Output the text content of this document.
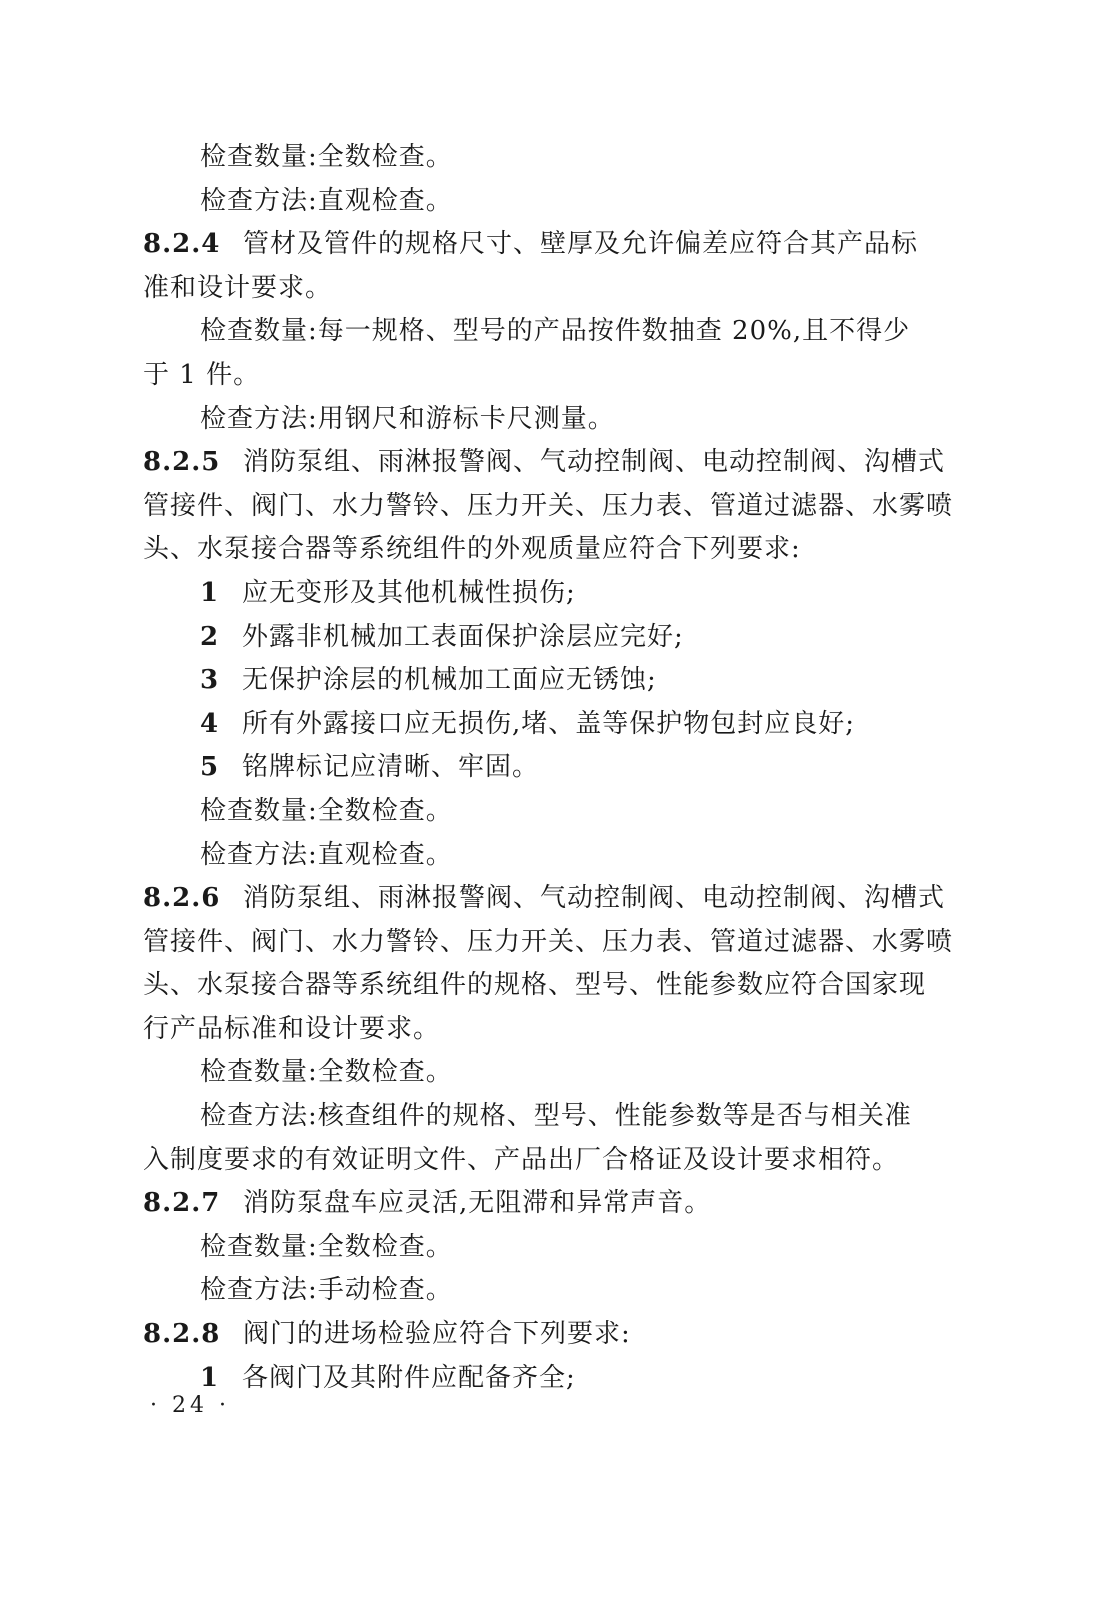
检查数量:全数检查。
检查方法:直观检查。
8.2.4 管材及管件的规格尺寸、壁厚及允许偏差应符合其产品标
准和设计要求。
检查数量:每一规格、型号的产品按件数抽查 20%,且不得少
于 1 件。
检查方法:用钢尺和游标卡尺测量。
8.2.5 消防泵组、雨淋报警阀、气动控制阀、电动控制阀、沟槽式
管接件、阀门、水力警铃、压力开关、压力表、管道过滤器、水雾喷
头、水泵接合器等系统组件的外观质量应符合下列要求:
1 应无变形及其他机械性损伤;
2 外露非机械加工表面保护涂层应完好;
3 无保护涂层的机械加工面应无锈蚀;
4 所有外露接口应无损伤,堵、盖等保护物包封应良好;
5 铭牌标记应清晰、牢固。
检查数量:全数检查。
检查方法:直观检查。
8.2.6 消防泵组、雨淋报警阀、气动控制阀、电动控制阀、沟槽式
管接件、阀门、水力警铃、压力开关、压力表、管道过滤器、水雾喷
头、水泵接合器等系统组件的规格、型号、性能参数应符合国家现
行产品标准和设计要求。
检查数量:全数检查。
检查方法:核查组件的规格、型号、性能参数等是否与相关准
入制度要求的有效证明文件、产品出厂合格证及设计要求相符。
8.2.7 消防泵盘车应灵活,无阻滞和异常声音。
检查数量:全数检查。
检查方法:手动检查。
8.2.8 阀门的进场检验应符合下列要求:
1 各阀门及其附件应配备齐全;
· 24 ·
